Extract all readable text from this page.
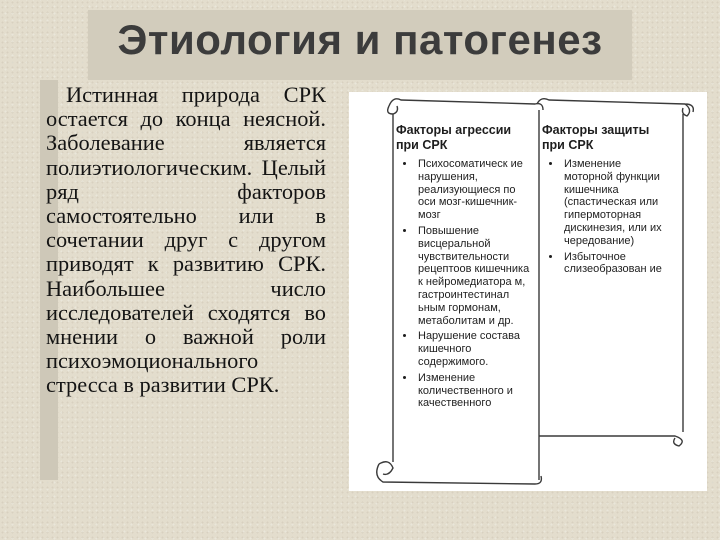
Этиология и патогенез
Истинная природа СРК остается до конца неясной. Заболевание является полиэтиологическим. Целый ряд факторов самостоятельно или в сочетании друг с другом приводят к развитию СРК. Наибольшее число исследователей сходятся во мнении о важной роли психоэмоционального стресса в развитии СРК.
Факторы агрессии при СРК
• Психосоматическ ие нарушения, реализующиеся по оси мозг-кишечник-мозг
• Повышение висцеральной чувствительности рецептоов кишечника к нейромедиатора м, гастроинтестинал ьным гормонам, метаболитам и др.
• Нарушение состава кишечного содержимого.
• Изменение количественного и качественного
Факторы защиты при СРК
• Изменение моторной функции кишечника (спастическая или гипермоторная дискинезия, или их чередование)
• Избыточное слизеобразован ие
